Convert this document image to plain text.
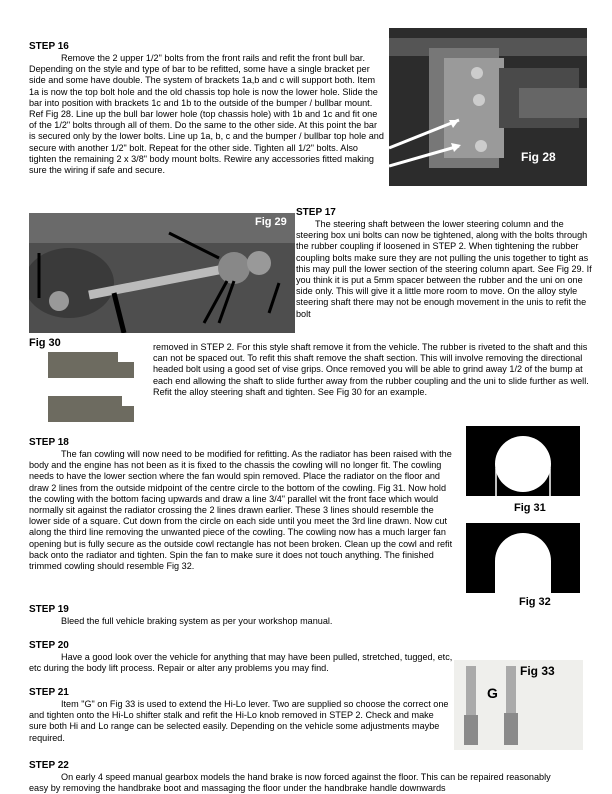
STEP 16
Remove the 2 upper 1/2" bolts from the front rails and refit the front bull bar. Depending on the style and type of bar to be refitted, some have a single bracket per side and some have double. The system of brackets 1a,b and c will support both. Item 1a is now the top bolt hole and the old chassis top hole is now the lower hole. Slide the bar into position with brackets 1c and 1b to the outside of the bumper / bullbar mount. Ref Fig 28. Line up the bull bar lower hole (top chassis hole) with 1b and 1c and fit one of the 1/2" bolts through all of them. Do the same to the other side. At this point the bar is secured only by the lower bolts. Line up 1a, b, c and the bumper / bullbar top hole and secure with another 1/2" bolt. Repeat for the other side. Tighten all 1/2" bolts. Also tighten the remaining 2 x 3/8" body mount bolts. Rewire any accessories fitted making sure the wiring if safe and secure.
Fig 28
Fig 29
Fig 30
STEP 17
The steering shaft between the lower steering column and the steering box uni bolts can now be tightened, along with the bolts through the rubber coupling if loosened in STEP 2. When tightening the rubber coupling bolts make sure they are not pulling the unis together to tight as this may pull the lower section of the steering column apart. See Fig 29. If you think it is put a 5mm spacer between the rubber and the uni on one side only. This will give it a little more room to move. On the alloy style steering shaft there may not be enough movement in the unis to refit the bolt
removed in STEP 2. For this style shaft remove it from the vehicle. The rubber is riveted to the shaft and this can not be spaced out. To refit this shaft remove the shaft section. This will involve removing the directional headed bolt using a good set of vise grips. Once removed you will be able to grind away 1/2 of the bump at each end allowing the shaft to slide further away from the rubber coupling and the uni to slide further as well. Refit the alloy steering shaft and tighten. See Fig 30 for an example.
STEP 18
The fan cowling will now need to be modified for refitting. As the radiator has been raised with the body and the engine has not been as it is fixed to the chassis the cowling will no longer fit. The cowling needs to have the lower section where the fan would spin removed. Place the radiator on the floor and draw 2 lines from the outside midpoint of the centre circle to the bottom of the cowling. Fig 31. Now hold the cowling with the bottom facing upwards and draw a line 3/4" parallel wit the front face which would normally sit against the radiator crossing the 2 lines drawn earlier. These 3 lines should resemble the lower side of a square. Cut down from the circle on each side until you meet the 3rd line drawn. Now cut along the third line removing the unwanted piece of the cowling. The cowling now has a much larger fan opening but is fully secure as the outside cowl rectangle has not been broken. Clean up the cowl and refit back onto the radiator and tighten. Spin the fan to make sure it does not touch anything. The finished trimmed cowling should resemble Fig 32.
Fig 31
Fig 32
STEP 19
Bleed the full vehicle braking system as per your workshop manual.
STEP 20
Have a good look over the vehicle for anything that may have been pulled, stretched, tugged, etc, etc during the body lift process. Repair or alter any problems you may find.
STEP 21
Item "G" on Fig 33 is used to extend the Hi-Lo lever. Two are supplied so choose the correct one and tighten onto the Hi-Lo shifter stalk and refit the Hi-Lo knob removed in STEP 2. Check and make sure both Hi and Lo range can be selected easily. Depending on the vehicle some adjustments maybe required.
Fig 33
G
STEP 22
On early 4 speed manual gearbox models the hand brake is now forced against the floor. This can be repaired reasonably easy by removing the handbrake boot and massaging the floor under the handbrake handle downwards
